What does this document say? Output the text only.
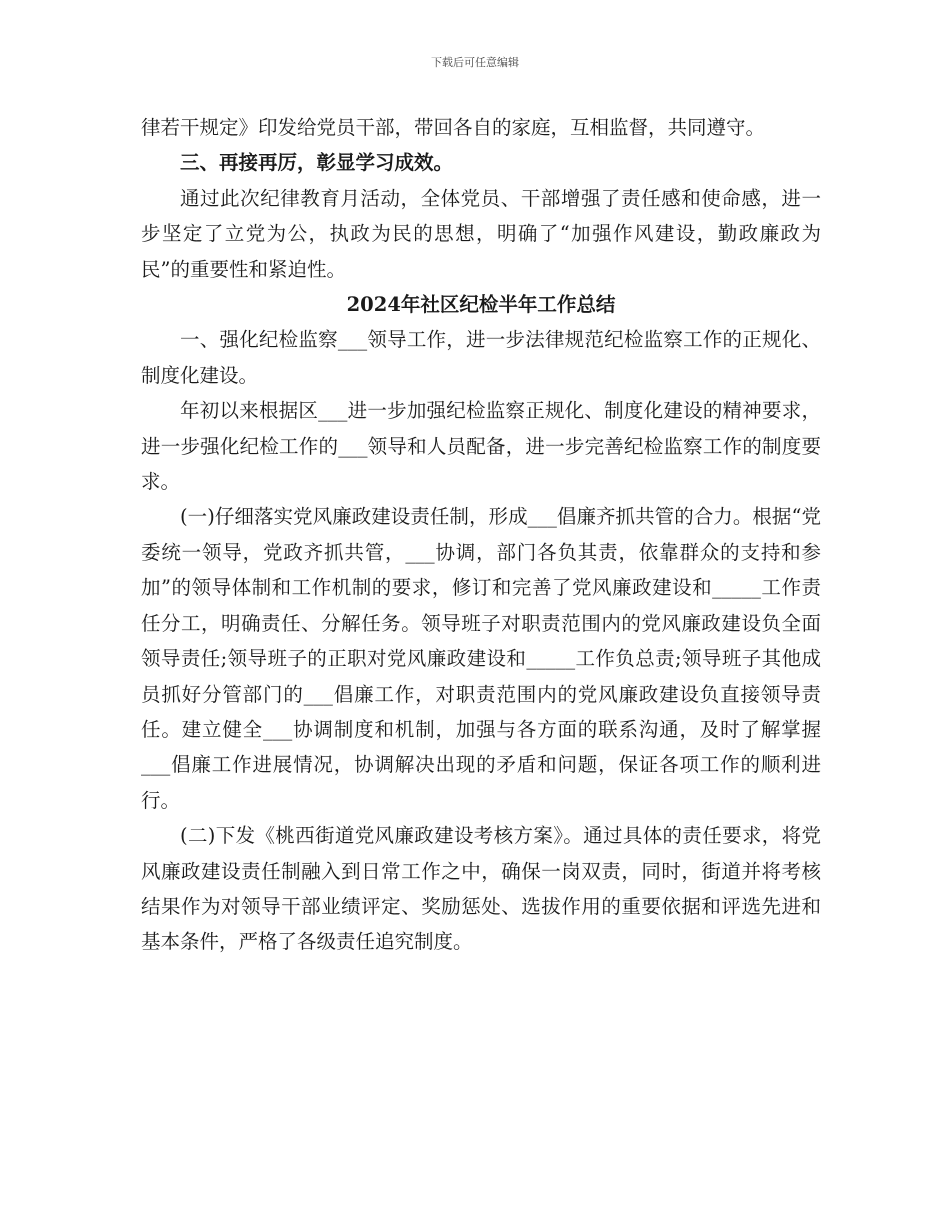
下载后可任意编辑

律若干规定》印发给党员干部，带回各自的家庭，互相监督，共同遵守。

三、再接再厉，彰显学习成效。

通过此次纪律教育月活动，全体党员、干部增强了责任感和使命感，进一步坚定了立党为公，执政为民的思想，明确了“加强作风建设，勤政廉政为民”的重要性和紧迫性。

2024年社区纪检半年工作总结

一、强化纪检监察___领导工作，进一步法律规范纪检监察工作的正规化、制度化建设。

年初以来根据区___进一步加强纪检监察正规化、制度化建设的精神要求，进一步强化纪检工作的___领导和人员配备，进一步完善纪检监察工作的制度要求。

(一)仔细落实党风廉政建设责任制，形成___倡廉齐抓共管的合力。根据“党委统一领导，党政齐抓共管，___协调，部门各负其责，依靠群众的支持和参加”的领导体制和工作机制的要求，修订和完善了党风廉政建设和_____工作责任分工，明确责任、分解任务。领导班子对职责范围内的党风廉政建设负全面领导责任;领导班子的正职对党风廉政建设和_____工作负总责;领导班子其他成员抓好分管部门的___倡廉工作，对职责范围内的党风廉政建设负直接领导责任。建立健全___协调制度和机制，加强与各方面的联系沟通，及时了解掌握___倡廉工作进展情况，协调解决出现的矛盾和问题，保证各项工作的顺利进行。

(二)下发《桃西街道党风廉政建设考核方案》。通过具体的责任要求，将党风廉政建设责任制融入到日常工作之中，确保一岗双责，同时，街道并将考核结果作为对领导干部业绩评定、奖励惩处、选拔作用的重要依据和评选先进和基本条件，严格了各级责任追究制度。
